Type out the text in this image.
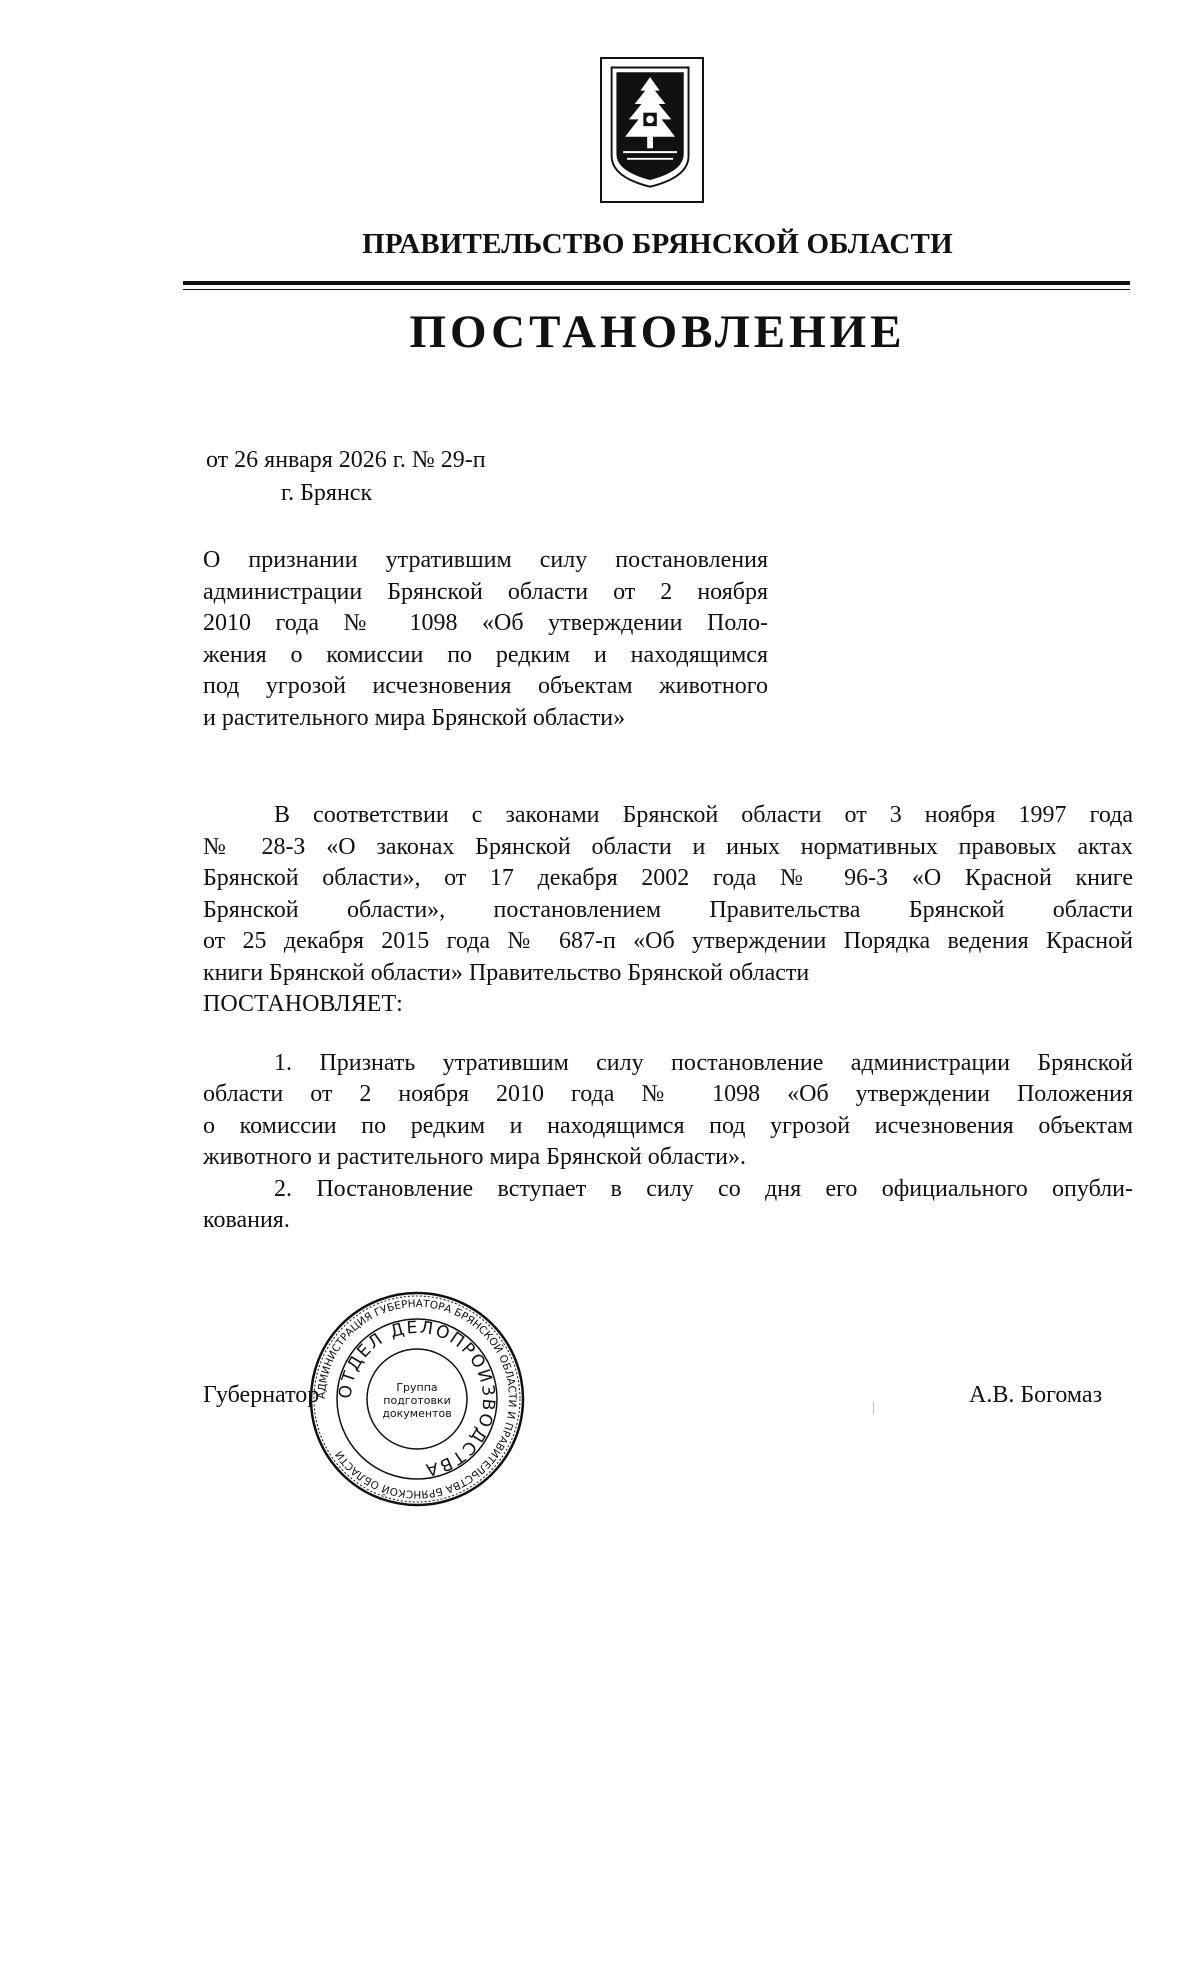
ПРАВИТЕЛЬСТВО БРЯНСКОЙ ОБЛАСТИ
ПОСТАНОВЛЕНИЕ
от 26 января 2026 г. № 29-п
г. Брянск
О признании утратившим силу постановления
администрации Брянской области от 2 ноября
2010 года № 1098 «Об утверждении Поло-
жения о комиссии по редким и находящимся
под угрозой исчезновения объектам животного
и растительного мира Брянской области»
В соответствии с законами Брянской области от 3 ноября 1997 года
№ 28-З «О законах Брянской области и иных нормативных правовых актах
Брянской области», от 17 декабря 2002 года № 96-З «О Красной книге
Брянской области», постановлением Правительства Брянской области
от 25 декабря 2015 года № 687-п «Об утверждении Порядка ведения Красной
книги Брянской области» Правительство Брянской области
ПОСТАНОВЛЯЕТ:
1. Признать утратившим силу постановление администрации Брянской
области от 2 ноября 2010 года № 1098 «Об утверждении Положения
о комиссии по редким и находящимся под угрозой исчезновения объектам
животного и растительного мира Брянской области».
2. Постановление вступает в силу со дня его официального опубли-
кования.
Губернатор	А.В. Богомаз
АДМИНИСТРАЦИЯ ГУБЕРНАТОРА БРЯНСКОЙ ОБЛАСТИ И ПРАВИТЕЛЬСТВА БРЯНСКОЙ ОБЛАСТИ
ОТДЕЛ ДЕЛОПРОИЗВОДСТВА
Группа
подготовки
документов
